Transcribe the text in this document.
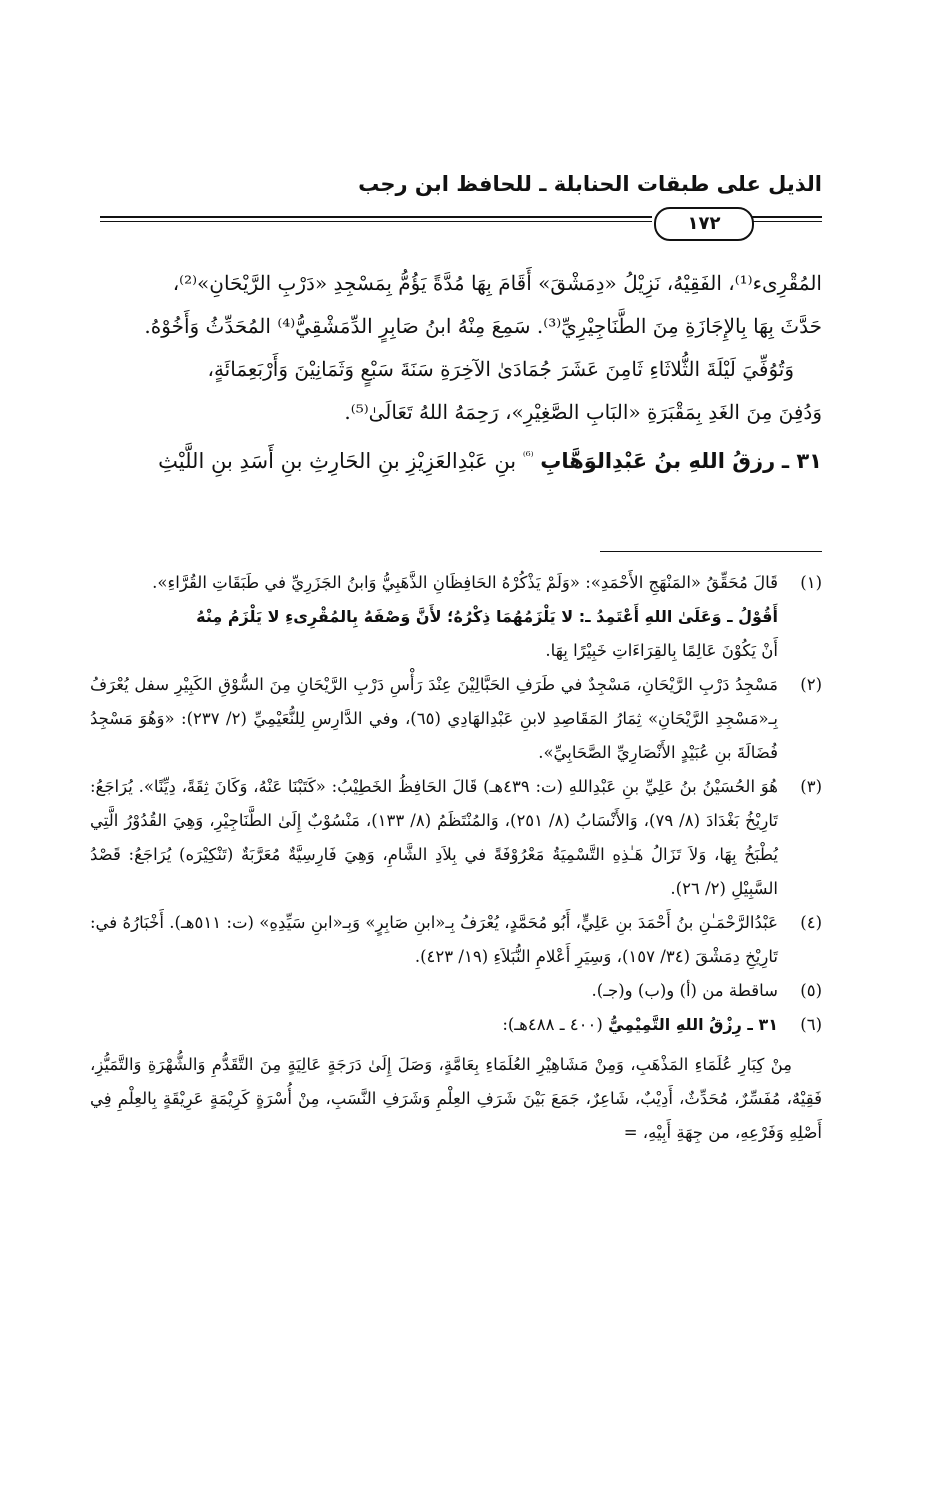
الذيل على طبقات الحنابلة ـ للحافظ ابن رجب
١٧٢

المُقْرِىء⁽¹⁾، الفَقِيْهُ، نَزِيْلُ «دِمَشْقَ» أَقَامَ بِهَا مُدَّةً يَؤُمُّ بِمَسْجِدِ «دَرْبِ الرَّيْحَانِ»⁽²⁾،

حَدَّثَ بِهَا بِالإِجَازَةِ مِنَ الطَّنَاجِيْرِيِّ⁽³⁾. سَمِعَ مِنْهُ ابنُ صَابِرٍ الدِّمَشْقِيُّ⁽⁴⁾ المُحَدِّثُ وَأَخُوْهُ.

وَتُوُفِّيَ لَيْلَةَ الثُّلاثَاءِ ثَامِنَ عَشَرَ جُمَادَىٰ الآخِرَةِ سَنَةَ سَبْعٍ وَثَمَانِيْنَ وَأَرْبَعِمَائَةٍ،

وَدُفِنَ مِنَ الغَدِ بِمَقْبَرَةِ «البَابِ الصَّغِيْرِ»، رَحِمَهُ اللهُ تَعَالَىٰ⁽⁵⁾.

٣١ ـ رزقُ اللهِ بنُ عَبْدِالوَهَّابِ $^{^{(6)}}$ بنِ عَبْدِالعَزِيْزِ بنِ الحَارِثِ بنِ أَسَدِ بنِ اللَّيْثِ

(١)

قَالَ مُحَقِّقُ «المَنْهَجِ الأَحْمَدِ»: «وَلَمْ يَذْكُرْهُ الحَافِظَانِ الذَّهَبِيُّ وَابنُ الجَزَرِيِّ في طَبَقَاتِ القُرَّاءِ».

أَقُوْلُ ـ وَعَلَىٰ اللهِ أَعْتَمِدُ ـ: لا يَلْزَمُهُمَا ذِكْرُهُ؛ لأَنَّ وَصْفَهُ بِالمُقْرِىءِ لا يَلْزَمُ مِنْهُ

أَنْ يَكُوْنَ عَالِمًا بِالقِرَاءَاتِ خَبِيْرًا بِهَا.

(٢)
مَسْجِدُ دَرْبِ الرَّيْحَانِ، مَسْجِدٌ في طَرَفِ الحَبَّالِيْنَ عِنْدَ رَأْسِ دَرْبِ الرَّيْحَانِ مِنَ السُّوْقِ الكَبِيْرِ سفل يُعْرَفُ بِـ«مَسْجِدِ الرَّيْحَانِ» ثِمَارُ المَقَاصِدِ لابنِ عَبْدِالهَادِي (٦٥)، وفي الدَّارِسِ لِلنُّعَيْمِيِّ (٢/ ٢٣٧): «وَهُوَ مَسْجِدُ فُضَالَةَ بنِ عُبَيْدٍ الأَنْصَارِيِّ الصَّحَابِيِّ».
(٣)
هُوَ الحُسَيْنُ بنُ عَلِيِّ بنِ عَبْدِاللهِ (ت: ٤٣٩هـ) قَالَ الحَافِظُ الخَطِيْبُ: «كَتَبْنَا عَنْهُ، وَكَانَ ثِقَةً، دِيِّنًا». يُرَاجَعُ: تَارِيْخُ بَغْدَادَ (٨/ ٧٩)، وَالأَنْسَابُ (٨/ ٢٥١)، وَالمُنْتَظَمُ (٨/ ١٣٣)، مَنْسُوْبٌ إِلَىٰ الطَّنَاجِيْرِ، وَهِيَ القُدُوْرُ الَّتِي يُطْبَخُ بِهَا، وَلاَ تَزَالُ هَـٰذِهِ التَّسْمِيَةُ مَعْرُوْفَةً في بِلاَدِ الشَّامِ، وَهِيَ فَارِسِيَّةٌ مُعَرَّبَةٌ (تَنْكِيْرَه) يُرَاجَعُ: قَصْدُ السَّبِيْلِ (٢/ ٢٦).
(٤)
عَبْدُالرَّحْمَـٰنِ بنُ أَحْمَدَ بنِ عَلِيٍّ، أَبُو مُحَمَّدٍ، يُعْرَفُ بِـ«ابنِ صَابِرٍ» وَبِـ«ابنِ سَيِّدِهِ» (ت: ٥١١هـ). أَخْبَارُهُ في: تَارِيْخِ دِمَشْقَ (٣٤/ ١٥٧)، وَسِيَرِ أَعْلامِ النُّبَلاَءِ (١٩/ ٤٢٣).
(٥)
ساقطة من (أ) و(ب) و(جـ).
(٦)

٣١ ـ رِزْقُ اللهِ التَّمِيْمِيُّ (٤٠٠ ـ ٤٨٨هـ):

مِنْ كِبَارِ عُلَمَاءِ المَذْهَبِ، وَمِنْ مَشَاهِيْرِ العُلَمَاءِ بِعَامَّةٍ، وَصَلَ إِلَىٰ دَرَجَةٍ عَالِيَةٍ مِنَ التَّقَدُّمِ وَالشُّهْرَةِ وَالتَّمَيُّزِ، فَقِيْهٌ، مُفَسِّرٌ، مُحَدِّثٌ، أَدِيْبٌ، شَاعِرٌ، جَمَعَ بَيْنَ شَرَفِ العِلْمِ وَشَرَفِ النَّسَبِ، مِنْ أُسْرَةٍ كَرِيْمَةٍ عَرِيْقَةٍ بِالعِلْمِ فِي أَصْلِهِ وَفَرْعِهِ، من جِهَةِ أَبِيْهِ، =
